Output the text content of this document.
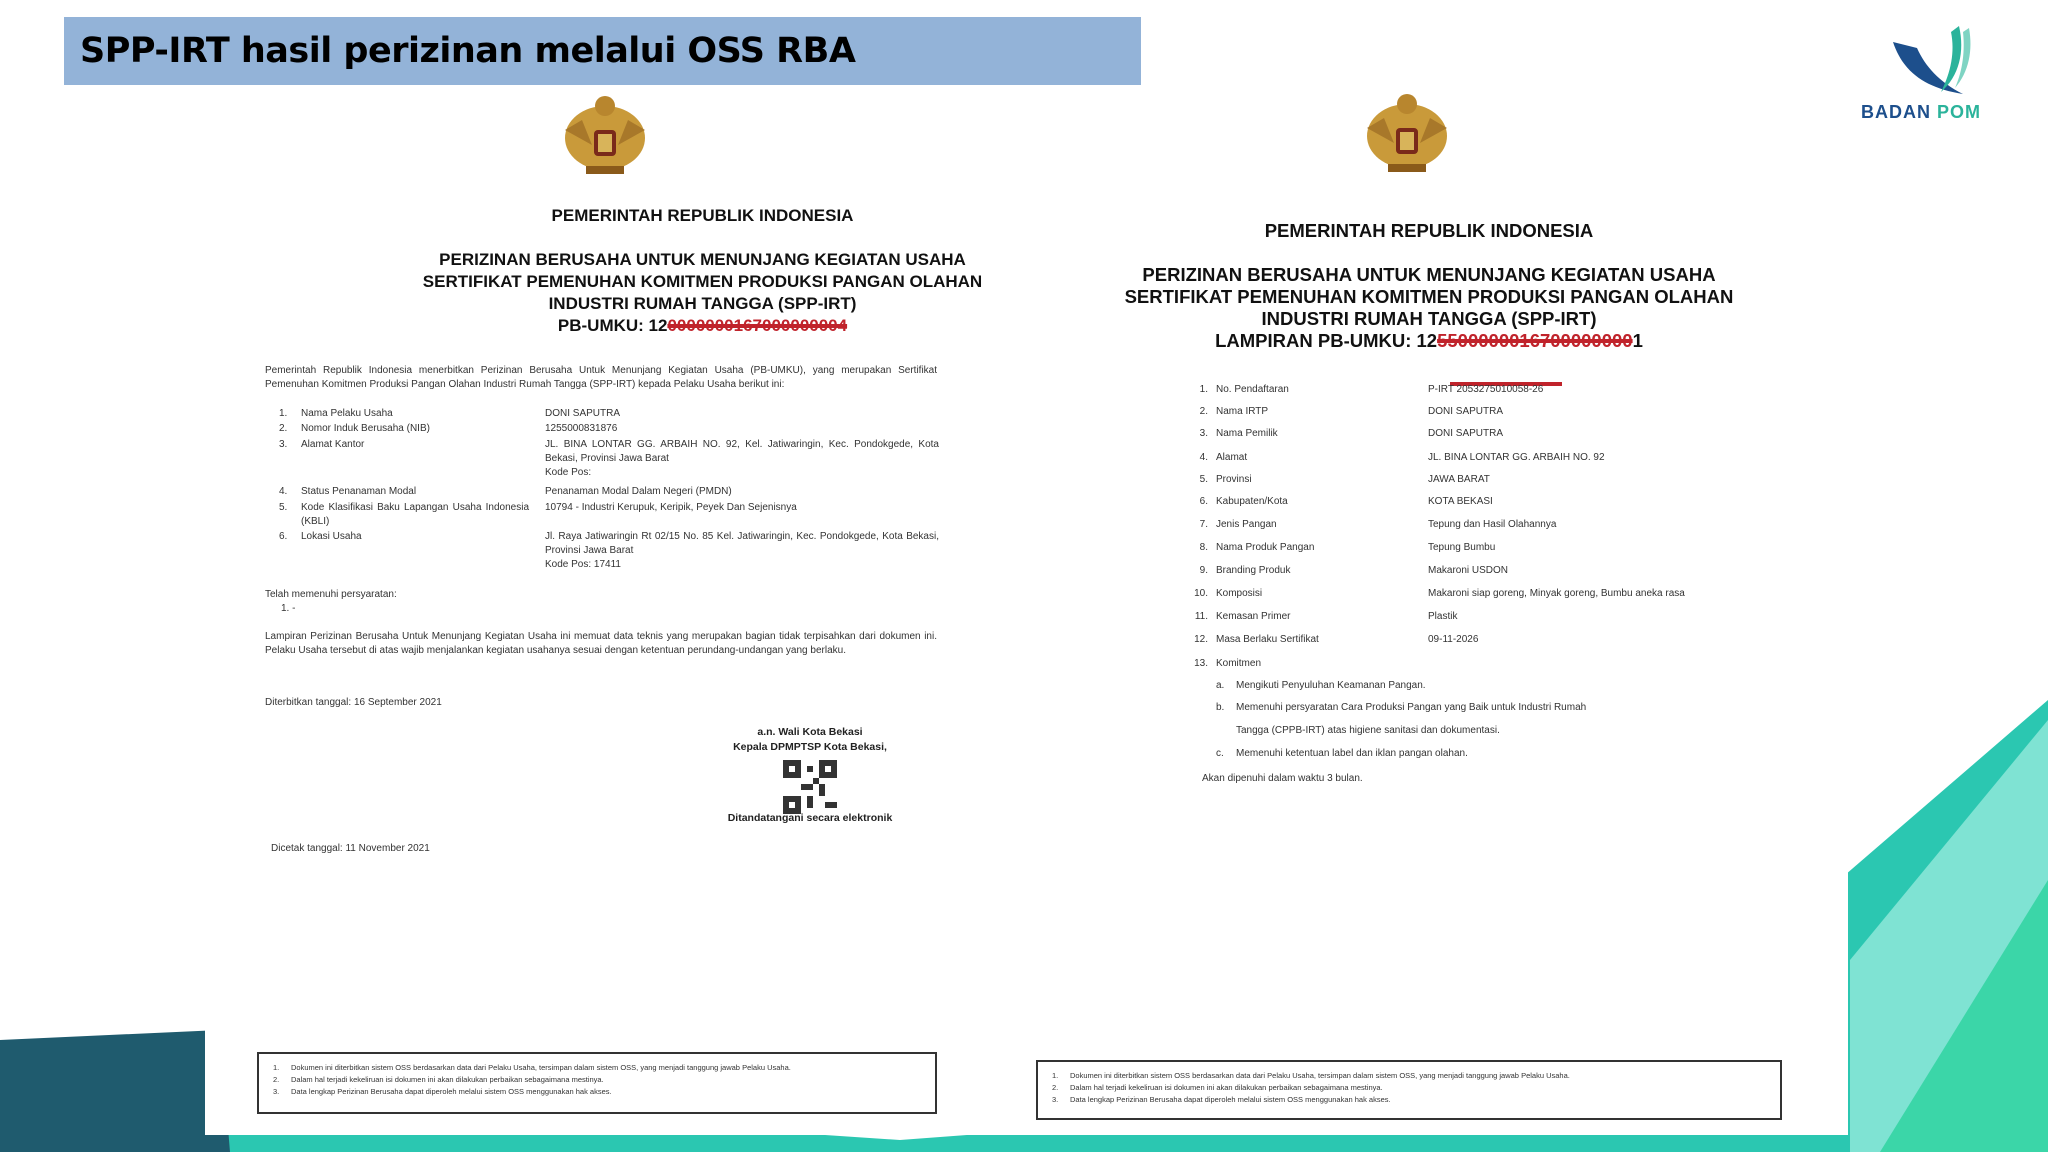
SPP-IRT hasil perizinan melalui OSS RBA
BADAN POM
PEMERINTAH REPUBLIK INDONESIA
PERIZINAN BERUSAHA UNTUK MENUNJANG KEGIATAN USAHA
SERTIFIKAT PEMENUHAN KOMITMEN PRODUKSI PANGAN OLAHAN
INDUSTRI RUMAH TANGGA (SPP-IRT)
PB-UMKU: 120000000167000000004
Pemerintah Republik Indonesia menerbitkan Perizinan Berusaha Untuk Menunjang Kegiatan Usaha (PB-UMKU), yang merupakan Sertifikat Pemenuhan Komitmen Produksi Pangan Olahan Industri Rumah Tangga (SPP-IRT) kepada Pelaku Usaha berikut ini:
1.	Nama Pelaku Usaha	DONI SAPUTRA
2.	Nomor Induk Berusaha (NIB)	1255000831876
3.	Alamat Kantor	JL. BINA LONTAR GG. ARBAIH NO. 92, Kel. Jatiwaringin, Kec. Pondokgede, Kota Bekasi, Provinsi Jawa Barat
Kode Pos:
4.	Status Penanaman Modal	Penanaman Modal Dalam Negeri (PMDN)
5.	Kode Klasifikasi Baku Lapangan Usaha Indonesia (KBLI)
10794 - Industri Kerupuk, Keripik, Peyek Dan Sejenisnya
6.	Lokasi Usaha	Jl. Raya Jatiwaringin Rt 02/15 No. 85 Kel. Jatiwaringin, Kec. Pondokgede, Kota Bekasi, Provinsi Jawa Barat
Kode Pos: 17411
Telah memenuhi persyaratan:
1. -
Lampiran Perizinan Berusaha Untuk Menunjang Kegiatan Usaha ini memuat data teknis yang merupakan bagian tidak terpisahkan dari dokumen ini. Pelaku Usaha tersebut di atas wajib menjalankan kegiatan usahanya sesuai dengan ketentuan perundang-undangan yang berlaku.
Diterbitkan tanggal: 16 September 2021
a.n. Wali Kota Bekasi
Kepala DPMPTSP Kota Bekasi,
Ditandatangani secara elektronik
Dicetak tanggal: 11 November 2021
1.	Dokumen ini diterbitkan sistem OSS berdasarkan data dari Pelaku Usaha, tersimpan dalam sistem OSS, yang menjadi tanggung jawab Pelaku Usaha.
2.	Dalam hal terjadi kekeliruan isi dokumen ini akan dilakukan perbaikan sebagaimana mestinya.
3.	Data lengkap Perizinan Berusaha dapat diperoleh melalui sistem OSS menggunakan hak akses.
PEMERINTAH REPUBLIK INDONESIA
PERIZINAN BERUSAHA UNTUK MENUNJANG KEGIATAN USAHA
SERTIFIKAT PEMENUHAN KOMITMEN PRODUKSI PANGAN OLAHAN
INDUSTRI RUMAH TANGGA (SPP-IRT)
LAMPIRAN PB-UMKU: 1255000000167000000001
1. No. Pendaftaran	P-IRT 2053275010058-26
2. Nama IRTP	DONI SAPUTRA
3. Nama Pemilik	DONI SAPUTRA
4. Alamat	JL. BINA LONTAR GG. ARBAIH NO. 92
5. Provinsi	JAWA BARAT
6. Kabupaten/Kota	KOTA BEKASI
7. Jenis Pangan	Tepung dan Hasil Olahannya
8. Nama Produk Pangan	Tepung Bumbu
9. Branding Produk	Makaroni USDON
10. Komposisi	Makaroni siap goreng, Minyak goreng, Bumbu aneka rasa
11. Kemasan Primer	Plastik
12. Masa Berlaku Sertifikat	09-11-2026
13. Komitmen
a.	Mengikuti Penyuluhan Keamanan Pangan.
b.	Memenuhi persyaratan Cara Produksi Pangan yang Baik untuk Industri Rumah
Tangga (CPPB-IRT) atas higiene sanitasi dan dokumentasi.
c.	Memenuhi ketentuan label dan iklan pangan olahan.
Akan dipenuhi dalam waktu 3 bulan.
1.	Dokumen ini diterbitkan sistem OSS berdasarkan data dari Pelaku Usaha, tersimpan dalam sistem OSS, yang menjadi tanggung jawab Pelaku Usaha.
2.	Dalam hal terjadi kekeliruan isi dokumen ini akan dilakukan perbaikan sebagaimana mestinya.
3.	Data lengkap Perizinan Berusaha dapat diperoleh melalui sistem OSS menggunakan hak akses.
